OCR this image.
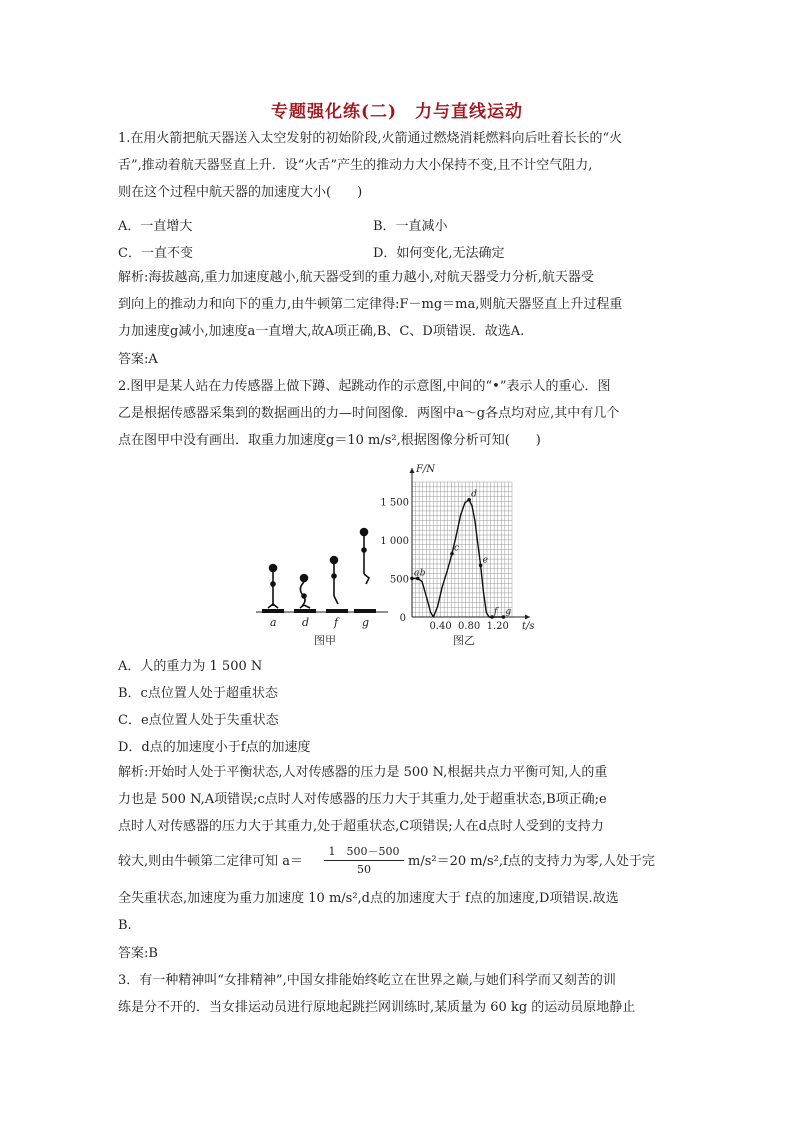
专题强化练(二)　力与直线运动
1.在用火箭把航天器送入太空发射的初始阶段,火箭通过燃烧消耗燃料向后吐着长长的“火
舌”,推动着航天器竖直上升．设“火舌”产生的推动力大小保持不变,且不计空气阻力,
则在这个过程中航天器的加速度大小(　　)
A．一直增大	B．一直减小
C．一直不变	D．如何变化,无法确定
解析:海拔越高,重力加速度越小,航天器受到的重力越小,对航天器受力分析,航天器受
到向上的推动力和向下的重力,由牛顿第二定律得:F－mg＝ma,则航天器竖直上升过程重
力加速度g减小,加速度a一直增大,故A项正确,B、C、D项错误．故选A.
答案:A
2.图甲是某人站在力传感器上做下蹲、起跳动作的示意图,中间的“•”表示人的重心．图
乙是根据传感器采集到的数据画出的力—时间图像．两图中a～g各点均对应,其中有几个
点在图甲中没有画出．取重力加速度g＝10 m/s²,根据图像分析可知(　　)
a d f g
图甲
500
1 000
1 500
0.40 0.80 1.20
0
F/N
t/s
a b
c
d
e
f g
图乙
A．人的重力为 1 500 N
B．c点位置人处于超重状态
C．e点位置人处于失重状态
D．d点的加速度小于f点的加速度
解析:开始时人处于平衡状态,人对传感器的压力是 500 N,根据共点力平衡可知,人的重
力也是 500 N,A项错误;c点时人对传感器的压力大于其重力,处于超重状态,B项正确;e
点时人对传感器的压力大于其重力,处于超重状态,C项错误;人在d点时人受到的支持力
较大,则由牛顿第二定律可知 a＝
1　500－500
50
m/s²＝20 m/s²,f点的支持力为零,人处于完
全失重状态,加速度为重力加速度 10 m/s²,d点的加速度大于 f点的加速度,D项错误.故选
B.
答案:B
3．有一种精神叫“女排精神”,中国女排能始终屹立在世界之巅,与她们科学而又刻苦的训
练是分不开的．当女排运动员进行原地起跳拦网训练时,某质量为 60 kg 的运动员原地静止
